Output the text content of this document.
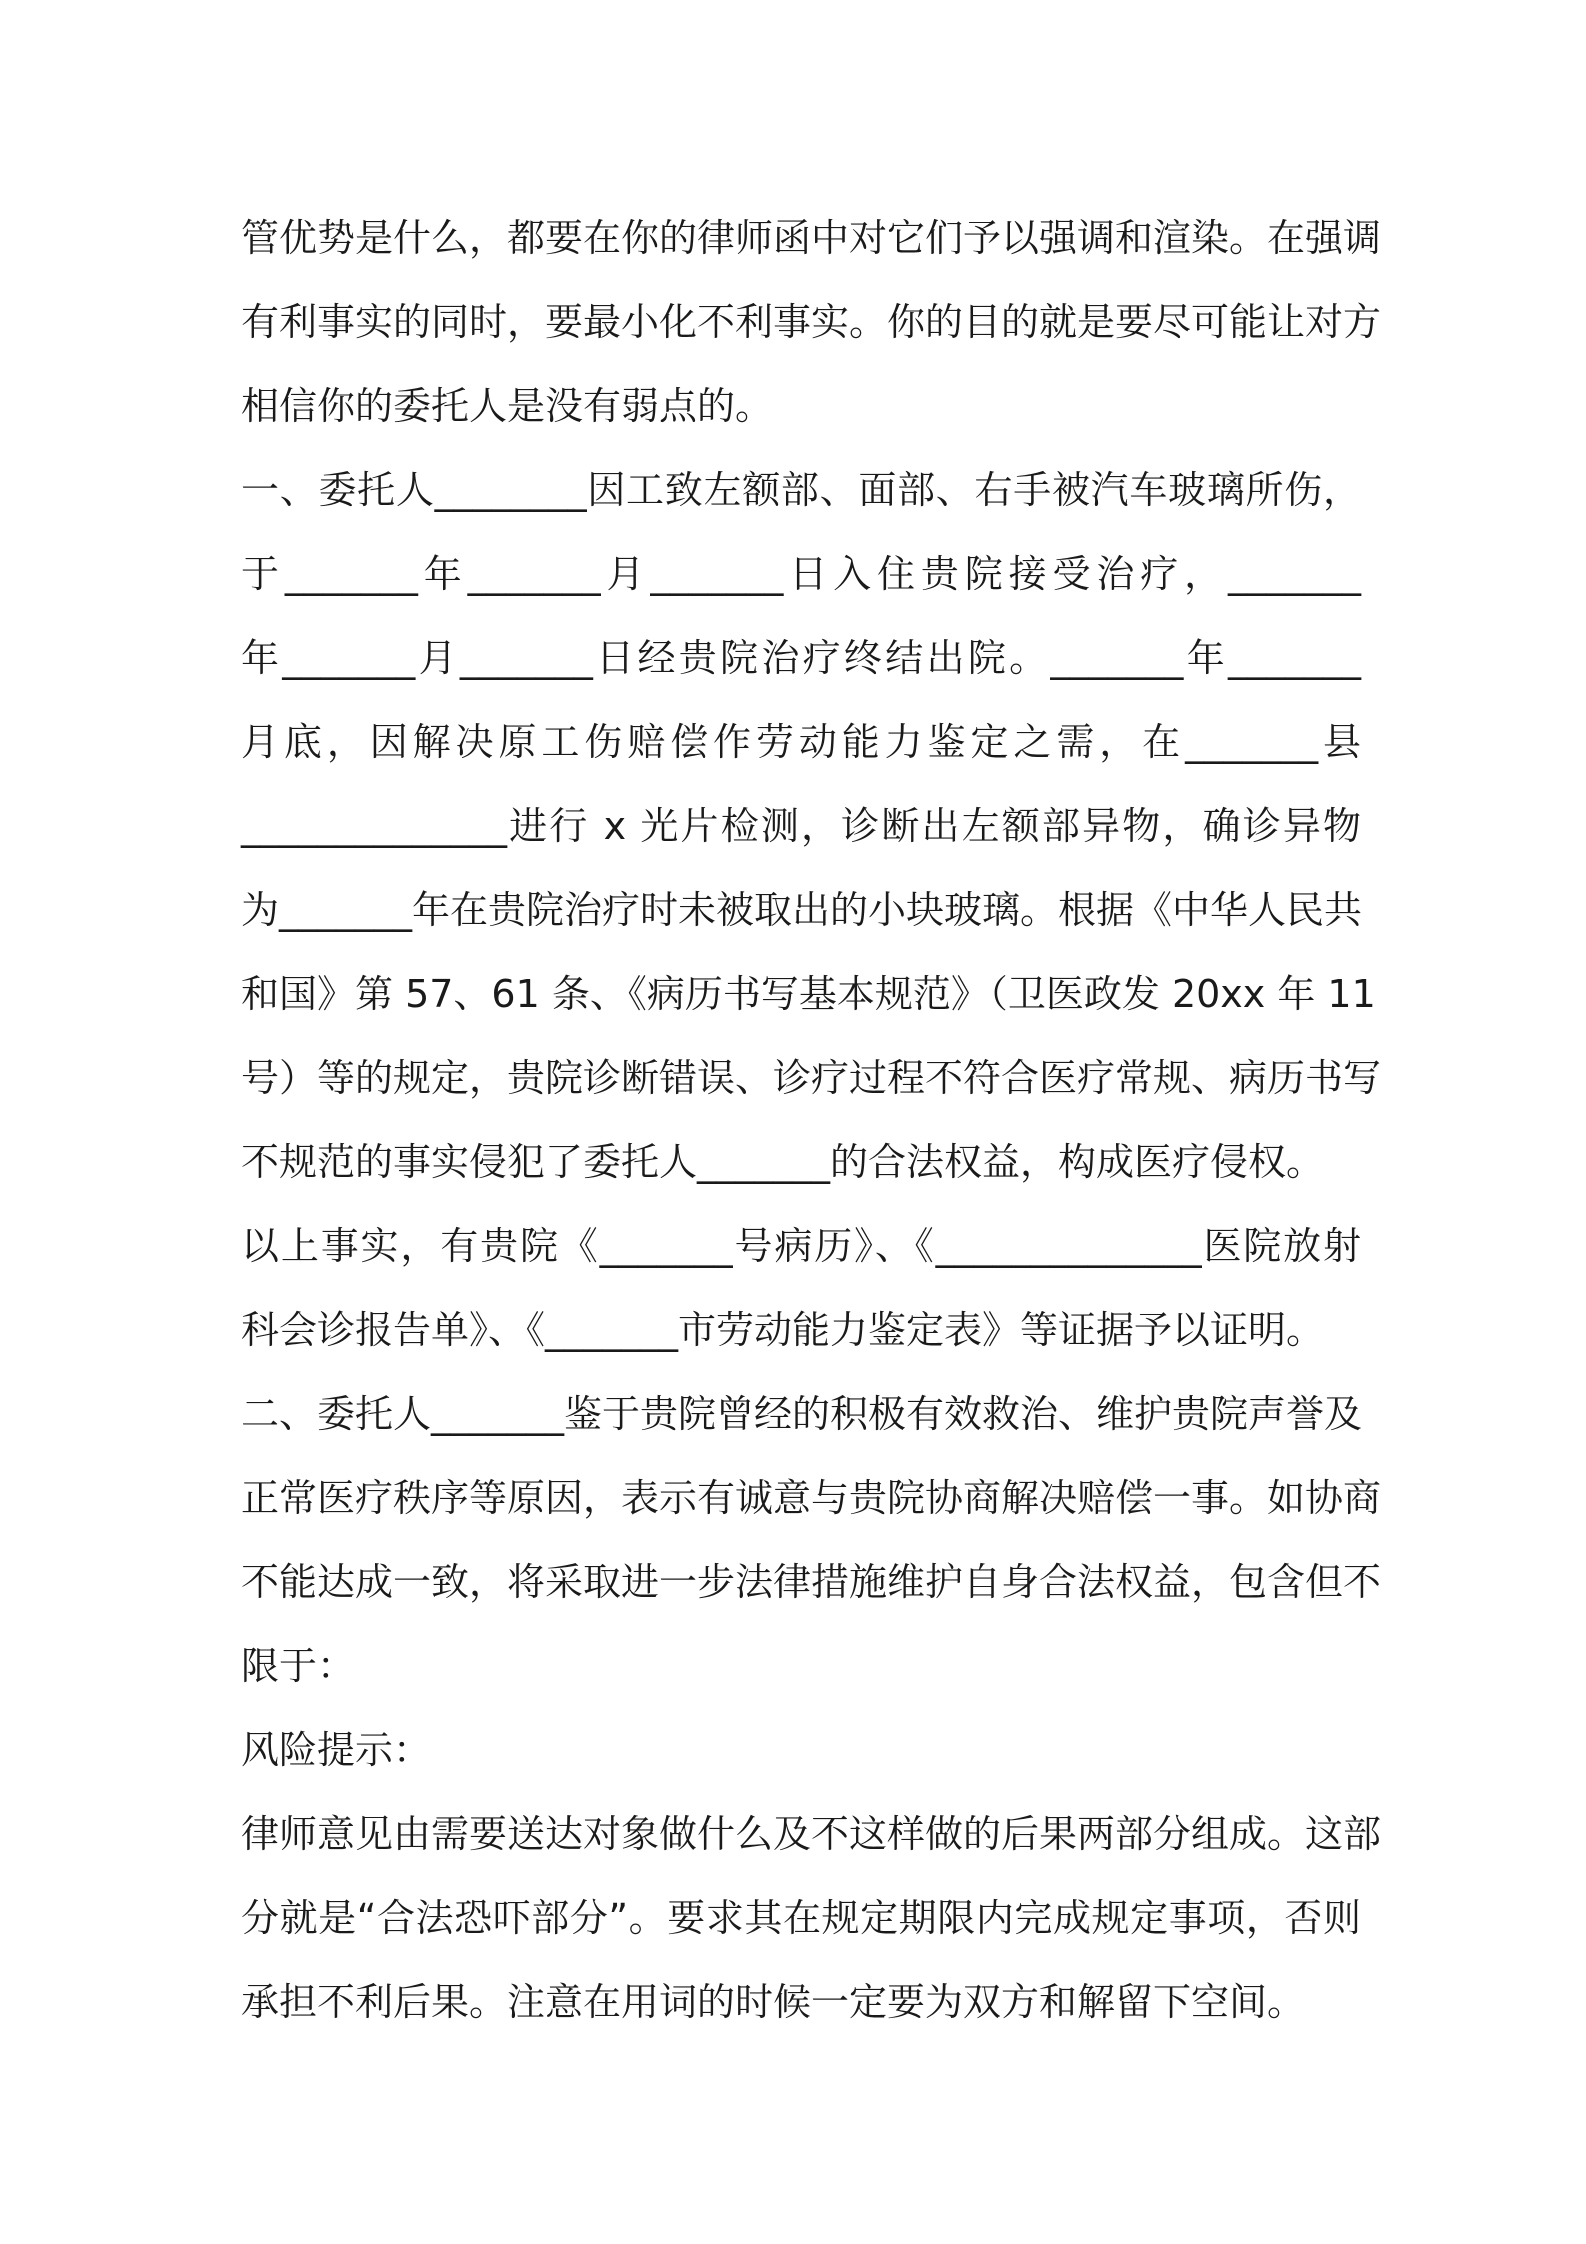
管优势是什么，都要在你的律师函中对它们予以强调和渲染。在强调
有利事实的同时，要最小化不利事实。你的目的就是要尽可能让对方
相信你的委托人是没有弱点的。
一、委托人________因工致左额部、面部、右手被汽车玻璃所伤，
于_______年_______月_______日入住贵院接受治疗，_______
年_______月_______日经贵院治疗终结出院。_______年_______
月底，因解决原工伤赔偿作劳动能力鉴定之需，在_______县
______________进行 x 光片检测，诊断出左额部异物，确诊异物
为_______年在贵院治疗时未被取出的小块玻璃。根据《中华人民共
和国》第 57、61 条、《病历书写基本规范》（卫医政发 20xx 年 11
号）等的规定，贵院诊断错误、诊疗过程不符合医疗常规、病历书写
不规范的事实侵犯了委托人_______的合法权益，构成医疗侵权。
以上事实，有贵院《_______号病历》、《______________医院放射
科会诊报告单》、《_______市劳动能力鉴定表》等证据予以证明。
二、委托人_______鉴于贵院曾经的积极有效救治、维护贵院声誉及
正常医疗秩序等原因，表示有诚意与贵院协商解决赔偿一事。如协商
不能达成一致，将采取进一步法律措施维护自身合法权益，包含但不
限于：
风险提示：
律师意见由需要送达对象做什么及不这样做的后果两部分组成。这部
分就是“合法恐吓部分”。要求其在规定期限内完成规定事项，否则
承担不利后果。注意在用词的时候一定要为双方和解留下空间。
